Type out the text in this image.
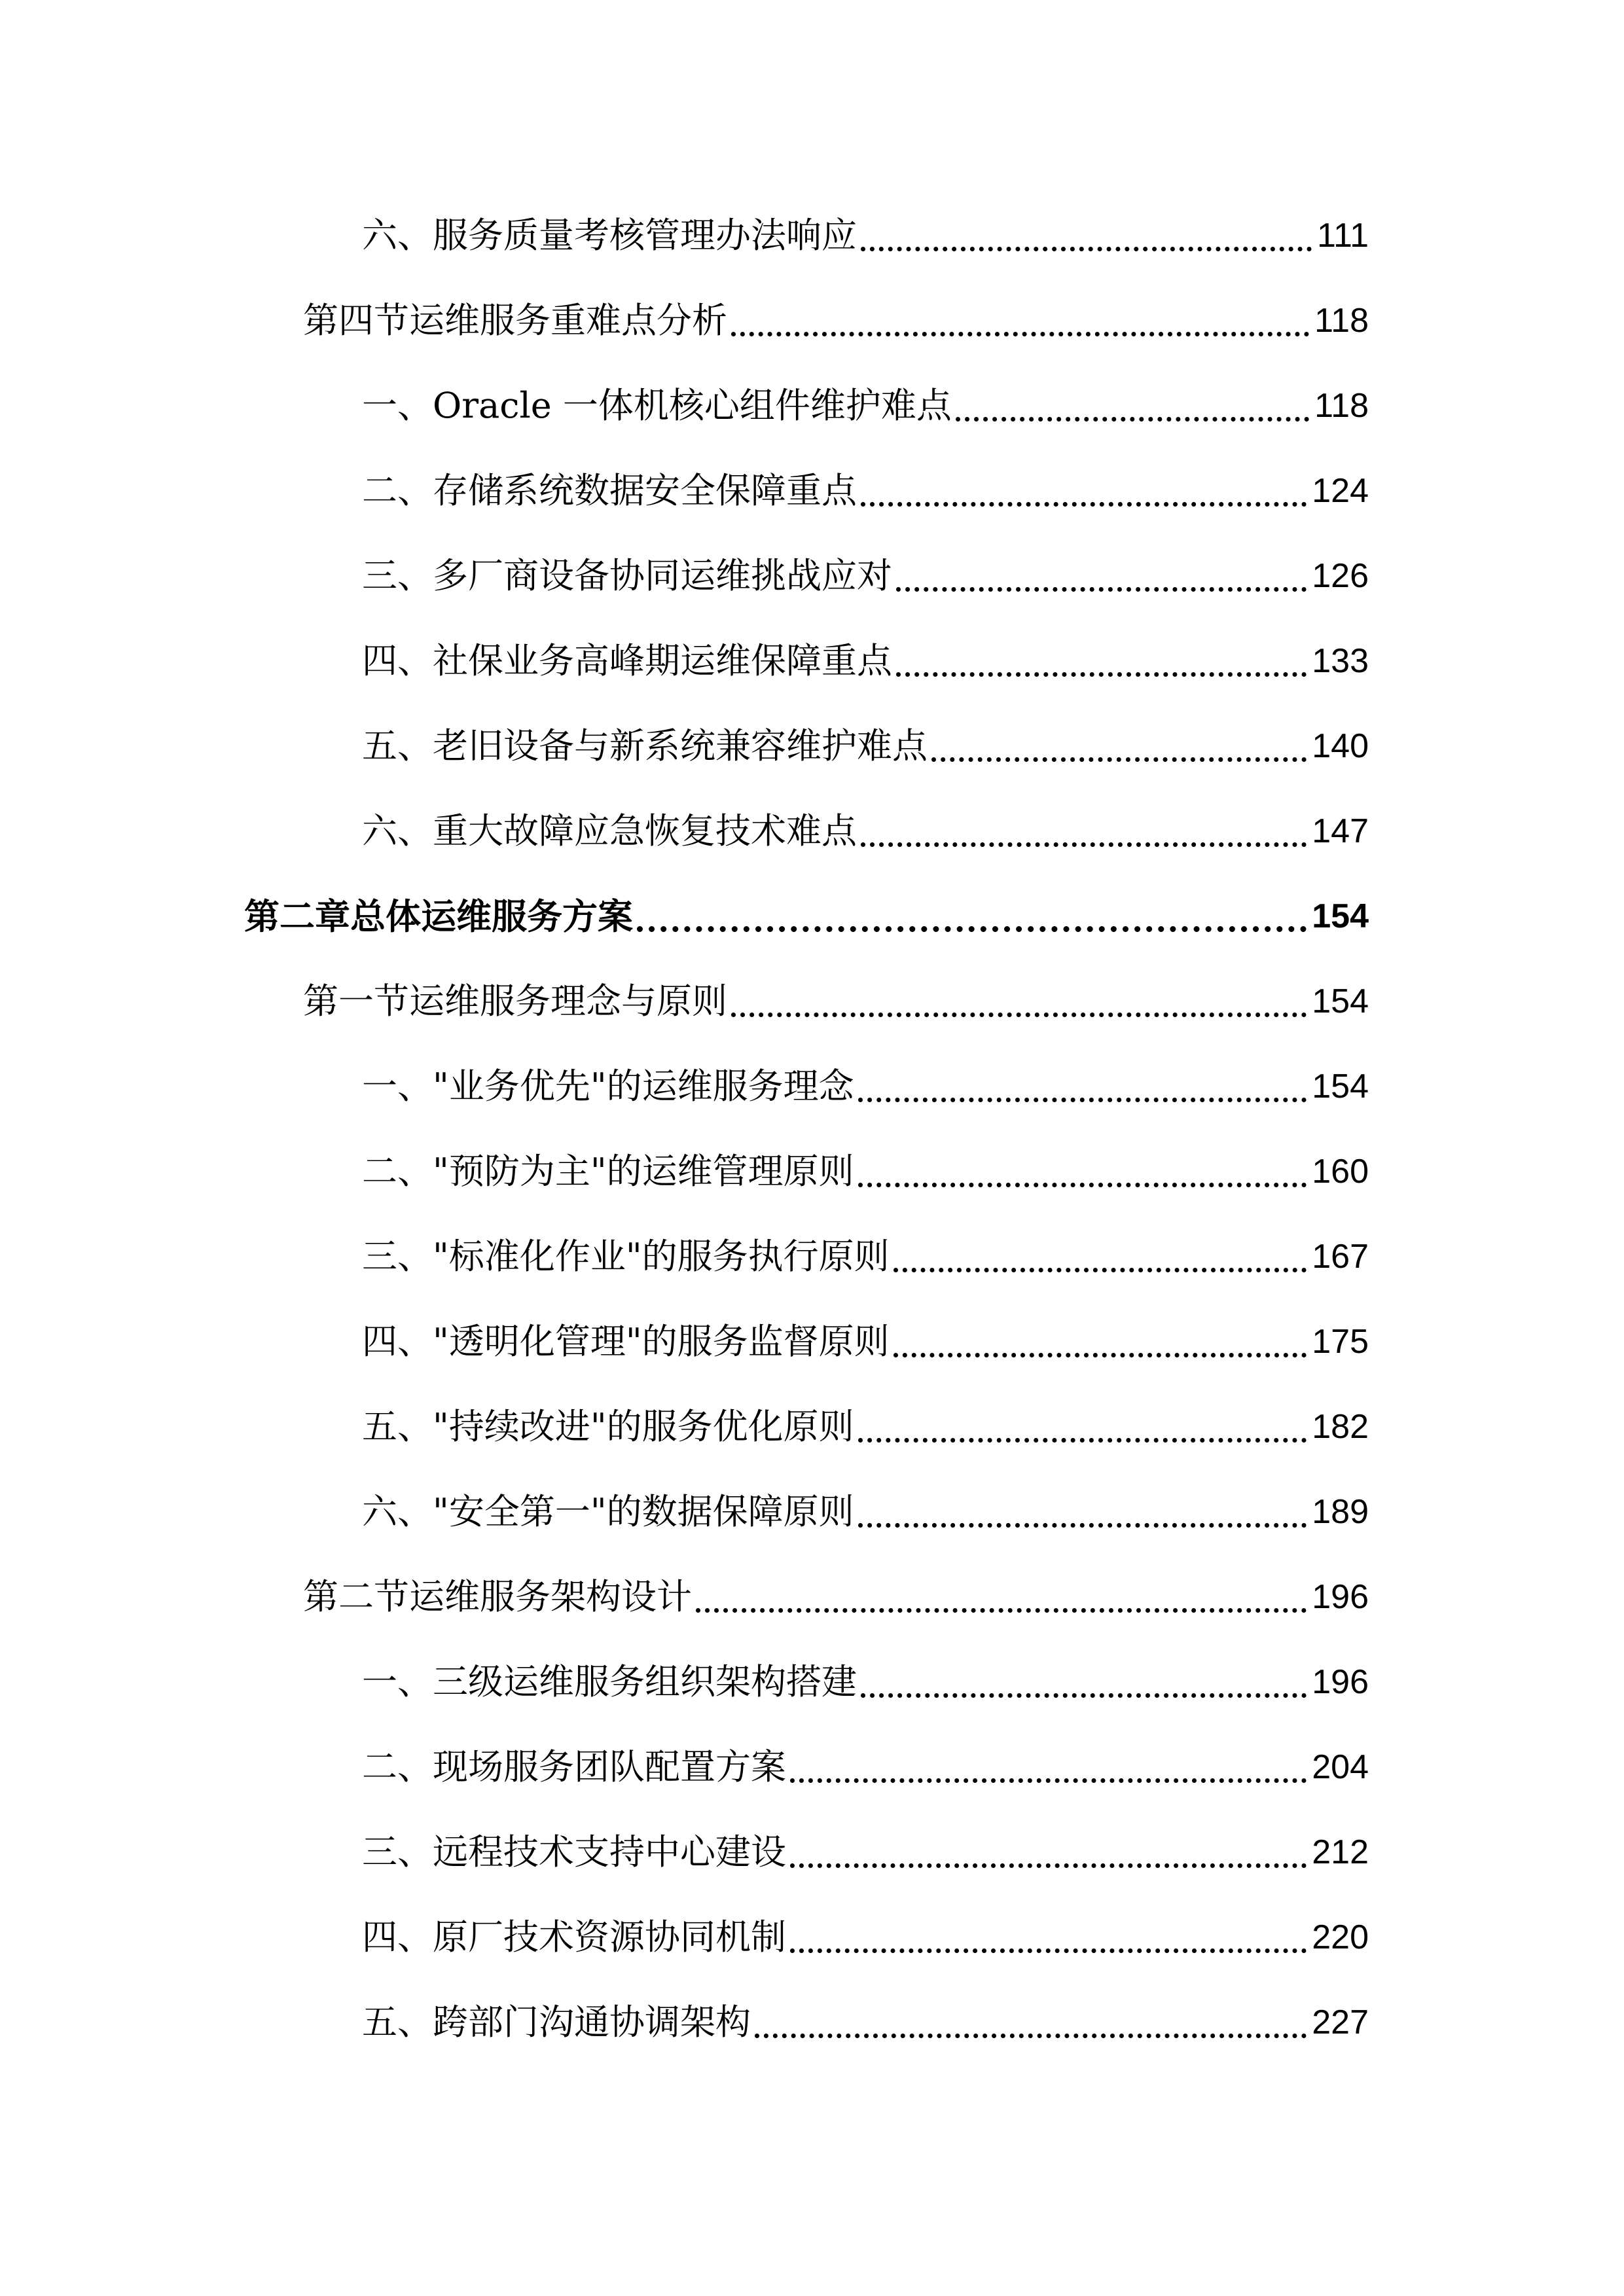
六、服务质量考核管理办法响应	111
第四节运维服务重难点分析	118
一、Oracle 一体机核心组件维护难点	118
二、存储系统数据安全保障重点	124
三、多厂商设备协同运维挑战应对	126
四、社保业务高峰期运维保障重点	133
五、老旧设备与新系统兼容维护难点	140
六、重大故障应急恢复技术难点	147
第二章总体运维服务方案	154
第一节运维服务理念与原则	154
一、"业务优先"的运维服务理念	154
二、"预防为主"的运维管理原则	160
三、"标准化作业"的服务执行原则	167
四、"透明化管理"的服务监督原则	175
五、"持续改进"的服务优化原则	182
六、"安全第一"的数据保障原则	189
第二节运维服务架构设计	196
一、三级运维服务组织架构搭建	196
二、现场服务团队配置方案	204
三、远程技术支持中心建设	212
四、原厂技术资源协同机制	220
五、跨部门沟通协调架构	227
